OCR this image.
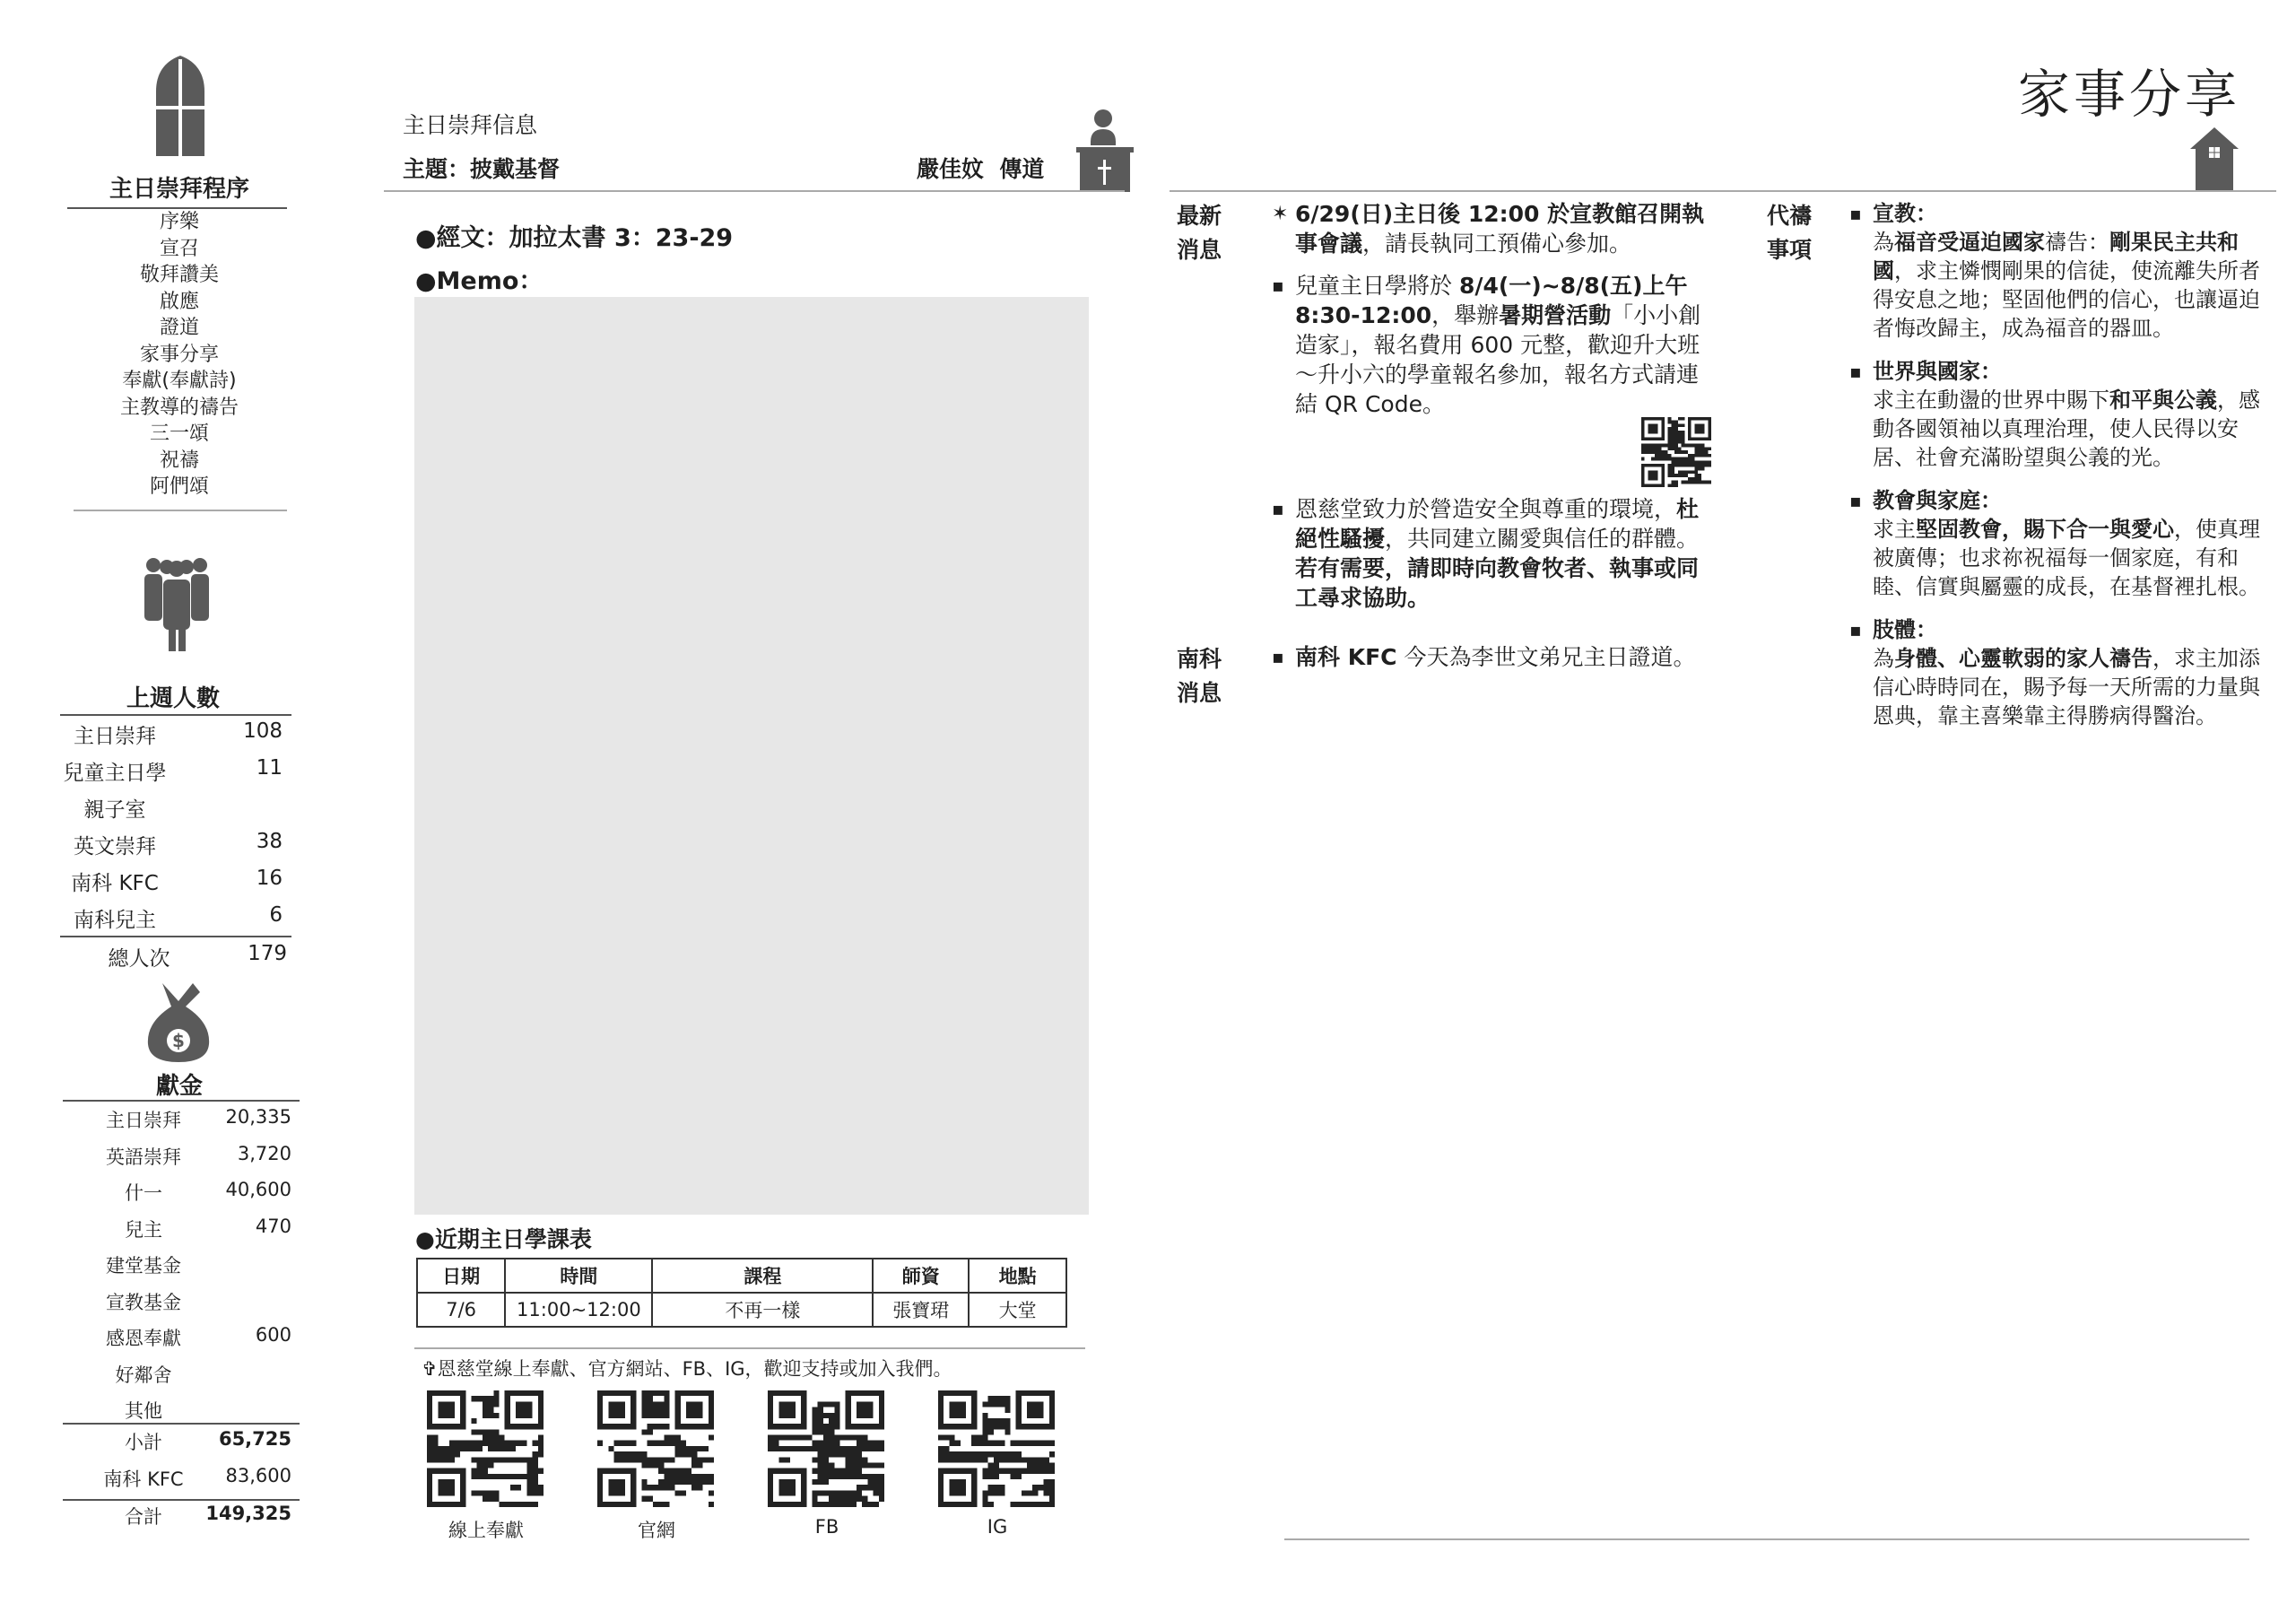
主日崇拜程序
序樂
宣召
敬拜讚美
啟應
證道
家事分享
奉獻(奉獻詩)
主教導的禱告
三一頌
祝禱
阿們頌
上週人數
主日崇拜	108
兒童主日學	11
親子室
英文崇拜	38
南科 KFC	16
南科兒主	6
總人次	179
$
獻金
主日崇拜	20,335
英語崇拜	3,720
什一	40,600
兒主	470
建堂基金
宣教基金
感恩奉獻	600
好鄰舍
其他
小計	65,725
南科 KFC	83,600
合計	149,325
主日崇拜信息
主題：披戴基督	嚴佳妏  傳道
●經文：加拉太書 3：23-29
●Memo：
●近期主日學課表
日期	時間	課程	師資	地點
7/6	11:00~12:00	不再一樣	張寶珺	大堂
✞恩慈堂線上奉獻、官方網站、FB、IG，歡迎支持或加入我們。
線上奉獻	官網	FB	IG
最新
消息
✶ 6/29(日)主日後 12:00 於宣教館召開執事會議，請長執同工預備心參加。
▪ 兒童主日學將於 8/4(一)~8/8(五)上午 8:30-12:00，舉辦暑期營活動「小小創造家」，報名費用 600 元整，歡迎升大班～升小六的學童報名參加，報名方式請連結 QR Code。
▪ 恩慈堂致力於營造安全與尊重的環境，杜絕性騷擾，共同建立關愛與信任的群體。若有需要，請即時向教會牧者、執事或同工尋求協助。
南科
消息
▪ 南科 KFC 今天為李世文弟兄主日證道。
家事分享
代禱
事項
▪ 宣教：
為福音受逼迫國家禱告：剛果民主共和國，求主憐憫剛果的信徒，使流離失所者得安息之地；堅固他們的信心，也讓逼迫者悔改歸主，成為福音的器皿。
▪ 世界與國家：
求主在動盪的世界中賜下和平與公義，感動各國領袖以真理治理，使人民得以安居、社會充滿盼望與公義的光。
▪ 教會與家庭：
求主堅固教會，賜下合一與愛心，使真理被廣傳；也求祢祝福每一個家庭，有和睦、信實與屬靈的成長，在基督裡扎根。
▪ 肢體：
為身體、心靈軟弱的家人禱告，求主加添信心時時同在，賜予每一天所需的力量與恩典，靠主喜樂靠主得勝病得醫治。
